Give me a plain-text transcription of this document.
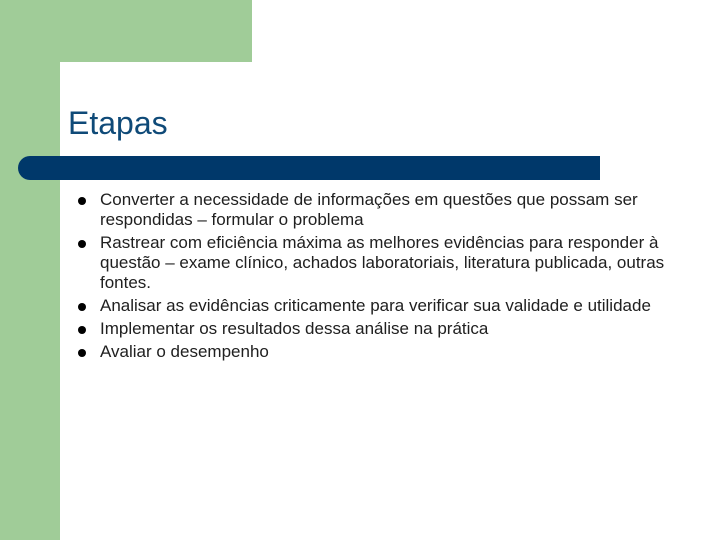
Etapas
Converter a necessidade de informações em questões que possam ser respondidas – formular o problema
Rastrear com eficiência máxima as melhores evidências para responder à questão – exame clínico, achados laboratoriais, literatura publicada, outras fontes.
Analisar as evidências criticamente para verificar sua validade e utilidade
Implementar os resultados dessa análise na prática
Avaliar o desempenho
